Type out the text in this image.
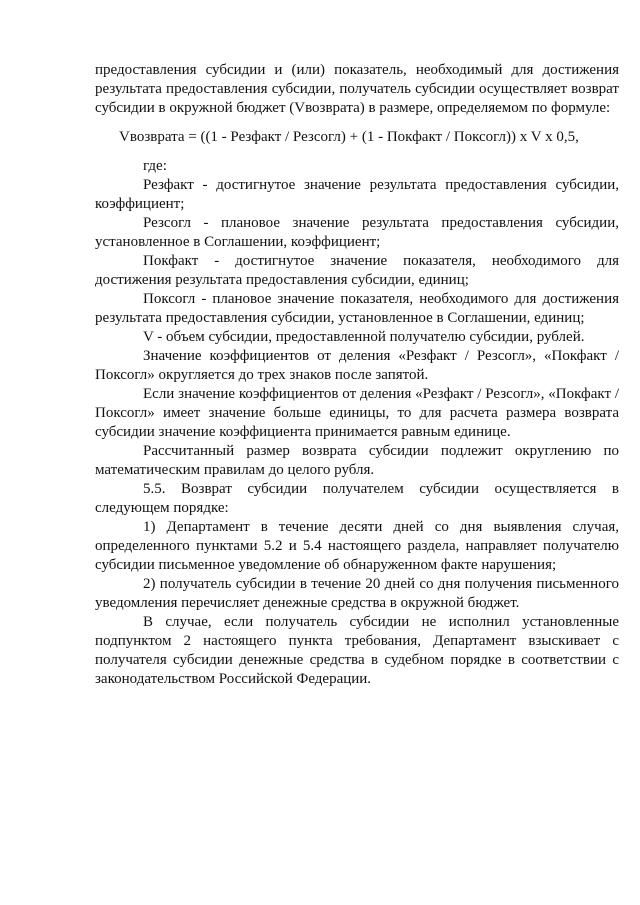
предоставления субсидии и (или) показатель, необходимый для достижения результата предоставления субсидии, получатель субсидии осуществляет возврат субсидии в окружной бюджет (Vвозврата) в размере, определяемом по формуле:

Vвозврата = ((1 - Резфакт / Резсогл) + (1 - Покфакт / Поксогл)) x V x 0,5,

где:

Резфакт - достигнутое значение результата предоставления субсидии, коэффициент;

Резсогл - плановое значение результата предоставления субсидии, установленное в Соглашении, коэффициент;

Покфакт - достигнутое значение показателя, необходимого для достижения результата предоставления субсидии, единиц;

Поксогл - плановое значение показателя, необходимого для достижения результата предоставления субсидии, установленное в Соглашении, единиц;

V - объем субсидии, предоставленной получателю субсидии, рублей.

Значение коэффициентов от деления «Резфакт / Резсогл», «Покфакт / Поксогл» округляется до трех знаков после запятой.

Если значение коэффициентов от деления «Резфакт / Резсогл», «Покфакт / Поксогл» имеет значение больше единицы, то для расчета размера возврата субсидии значение коэффициента принимается равным единице.

Рассчитанный размер возврата субсидии подлежит округлению по математическим правилам до целого рубля.

5.5. Возврат субсидии получателем субсидии осуществляется в следующем порядке:

1) Департамент в течение десяти дней со дня выявления случая, определенного пунктами 5.2 и 5.4 настоящего раздела, направляет получателю субсидии письменное уведомление об обнаруженном факте нарушения;

2) получатель субсидии в течение 20 дней со дня получения письменного уведомления перечисляет денежные средства в окружной бюджет.

В случае, если получатель субсидии не исполнил установленные подпунктом 2 настоящего пункта требования, Департамент взыскивает с получателя субсидии денежные средства в судебном порядке в соответствии с законодательством Российской Федерации.
